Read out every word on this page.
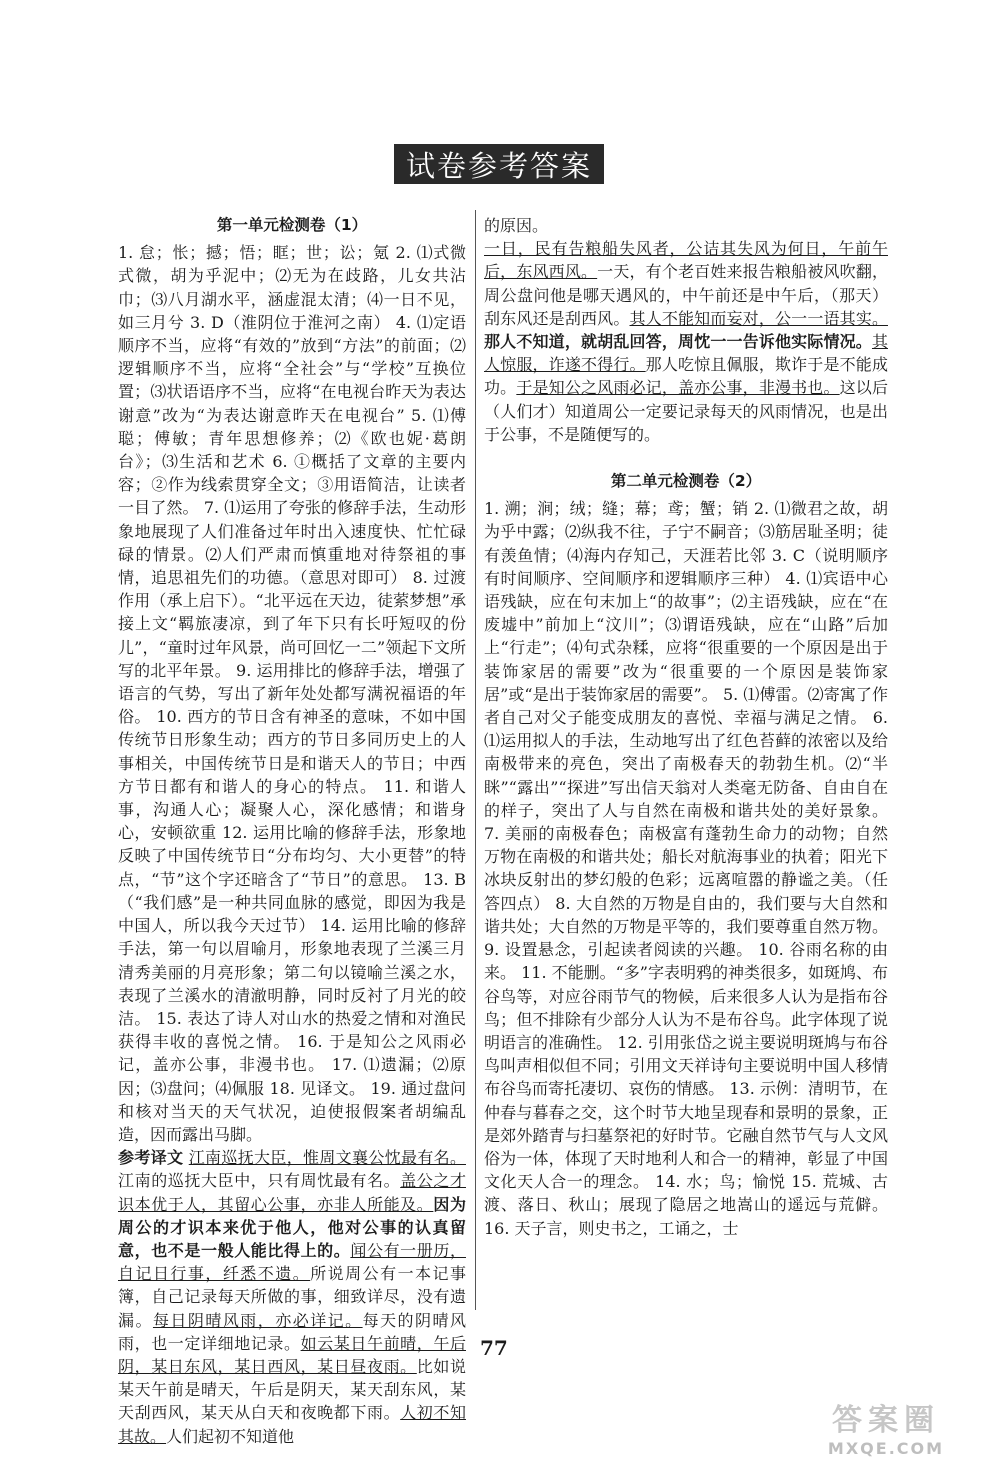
试卷参考答案

第一单元检测卷（1）

1. 怠；怅；撼；悟；眶；世；讼；氪 2. ⑴式微式微，胡为乎泥中；⑵无为在歧路，儿女共沾巾；⑶八月湖水平，涵虚混太清；⑷一日不见，如三月兮 3. D（淮阴位于淮河之南） 4. ⑴定语顺序不当，应将“有效的”放到“方法”的前面；⑵逻辑顺序不当，应将“全社会”与“学校”互换位置；⑶状语语序不当，应将“在电视台昨天为表达谢意”改为“为表达谢意昨天在电视台” 5. ⑴傅聪；傅敏；青年思想修养；⑵《欧也妮·葛朗台》；⑶生活和艺术 6. ①概括了文章的主要内容；②作为线索贯穿全文；③用语简洁，让读者一目了然。 7. ⑴运用了夸张的修辞手法，生动形象地展现了人们准备过年时出入速度快、忙忙碌碌的情景。⑵人们严肃而慎重地对待祭祖的事情，追思祖先们的功德。（意思对即可） 8. 过渡作用（承上启下）。“北平远在天边，徒萦梦想”承接上文“羁旅凄凉，到了年下只有长吁短叹的份儿”，“童时过年风景，尚可回忆一二”领起下文所写的北平年景。 9. 运用排比的修辞手法，增强了语言的气势，写出了新年处处都写满祝福语的年俗。 10. 西方的节日含有神圣的意味，不如中国传统节日形象生动；西方的节日多同历史上的人事相关，中国传统节日是和谐天人的节日；中西方节日都有和谐人的身心的特点。 11. 和谐人事，沟通人心；凝聚人心，深化感情；和谐身心，安顿欲重 12. 运用比喻的修辞手法，形象地反映了中国传统节日“分布均匀、大小更替”的特点，“节”这个字还暗含了“节日”的意思。 13. B（“我们感”是一种共同血脉的感觉，即因为我是中国人，所以我今天过节） 14. 运用比喻的修辞手法，第一句以眉喻月，形象地表现了兰溪三月清秀美丽的月亮形象；第二句以镜喻兰溪之水，表现了兰溪水的清澈明静，同时反衬了月光的皎洁。 15. 表达了诗人对山水的热爱之情和对渔民获得丰收的喜悦之情。 16. 于是知公之风雨必记，盖亦公事，非漫书也。 17. ⑴遗漏；⑵原因；⑶盘问；⑷佩服 18. 见译文。 19. 通过盘问和核对当天的天气状况，迫使报假案者胡编乱造，因而露出马脚。

参考译文 江南巡抚大臣，惟周文襄公忱最有名。江南的巡抚大臣中，只有周忱最有名。盖公之才识本优于人，其留心公事，亦非人所能及。因为周公的才识本来优于他人，他对公事的认真留意，也不是一般人能比得上的。闻公有一册历，自记日行事，纤悉不遗。所说周公有一本记事簿，自己记录每天所做的事，细致详尽，没有遗漏。每日阴晴风雨，亦必详记。每天的阴晴风雨，也一定详细地记录。如云某日午前晴，午后阴，某日东风，某日西风，某日昼夜雨。比如说某天午前是晴天，午后是阴天，某天刮东风，某天刮西风，某天从白天和夜晚都下雨。人初不知其故。人们起初不知道他

的原因。

一日，民有告粮船失风者，公诘其失风为何日，午前午后，东风西风。一天，有个老百姓来报告粮船被风吹翻，周公盘问他是哪天遇风的，中午前还是中午后，（那天）刮东风还是刮西风。其人不能知而妄对，公一一语其实。那人不知道，就胡乱回答，周忱一一告诉他实际情况。其人惊服，诈遂不得行。那人吃惊且佩服，欺诈于是不能成功。于是知公之风雨必记，盖亦公事，非漫书也。这以后（人们才）知道周公一定要记录每天的风雨情况，也是出于公事，不是随便写的。

第二单元检测卷（2）

1. 溯；涧；绒；缝；幕；鸢；蟹；销 2. ⑴微君之故，胡为乎中露；⑵纵我不往，子宁不嗣音；⑶筋居耻圣明；徒有羡鱼情；⑷海内存知己，天涯若比邻 3. C（说明顺序有时间顺序、空间顺序和逻辑顺序三种） 4. ⑴宾语中心语残缺，应在句末加上“的故事”；⑵主语残缺，应在“在废墟中”前加上“汶川”；⑶谓语残缺，应在“山路”后加上“行走”；⑷句式杂糅，应将“很重要的一个原因是出于装饰家居的需要”改为“很重要的一个原因是装饰家居”或“是出于装饰家居的需要”。 5. ⑴傅雷。⑵寄寓了作者自己对父子能变成朋友的喜悦、幸福与满足之情。 6. ⑴运用拟人的手法，生动地写出了红色苔藓的浓密以及给南极带来的亮色，突出了南极春天的勃勃生机。⑵“半眯”“露出”“探进”写出信天翁对人类毫无防备、自由自在的样子，突出了人与自然在南极和谐共处的美好景象。 7. 美丽的南极春色；南极富有蓬勃生命力的动物；自然万物在南极的和谐共处；船长对航海事业的执着；阳光下冰块反射出的梦幻般的色彩；远离喧嚣的静谧之美。（任答四点） 8. 大自然的万物是自由的，我们要与大自然和谐共处；大自然的万物是平等的，我们要尊重自然万物。 9. 设置悬念，引起读者阅读的兴趣。 10. 谷雨名称的由来。 11. 不能删。“多”字表明鸦的神类很多，如斑鸠、布谷鸟等，对应谷雨节气的物候，后来很多人认为是指布谷鸟；但不排除有少部分人认为不是布谷鸟。此字体现了说明语言的准确性。 12. 引用张岱之说主要说明斑鸠与布谷鸟叫声相似但不同；引用文天祥诗句主要说明中国人移情布谷鸟而寄托凄切、哀伤的情感。 13. 示例：清明节，在仲春与暮春之交，这个时节大地呈现春和景明的景象，正是郊外踏青与扫墓祭祀的好时节。它融自然节气与人文风俗为一体，体现了天时地利人和合一的精神，彰显了中国文化天人合一的理念。 14. 水；鸟；愉悦 15. 荒城、古渡、落日、秋山；展现了隐居之地嵩山的遥远与荒僻。 16. 天子言，则史书之，工诵之，士

77
答案圈
MXQE.COM
